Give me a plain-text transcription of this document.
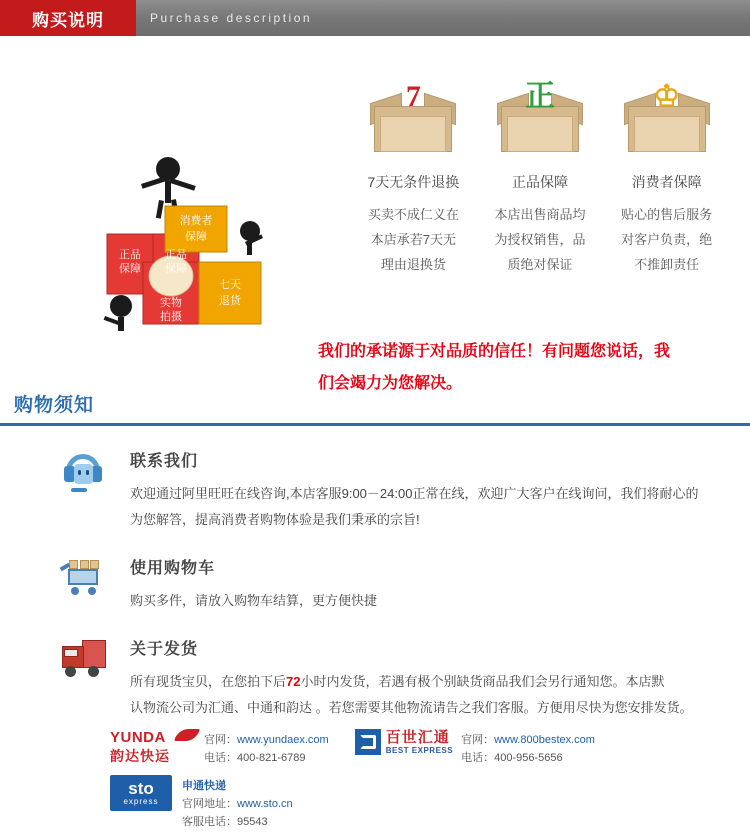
购买说明	Purchase description
正品
保障
正品
保障
消费者
保障
实物
拍摄
七天
退货
7
7天无条件退换
买卖不成仁义在
本店承若7天无
理由退换货
正
正品保障
本店出售商品均
为授权销售，品
质绝对保证
♔
消费者保障
贴心的售后服务
对客户负责，绝
不推卸责任
我们的承诺源于对品质的信任！有问题您说话，我
们会竭力为您解决。
购物须知
联系我们
欢迎通过阿里旺旺在线咨询,本店客服9:00－24:00正常在线，欢迎广大客户在线询问，我们将耐心的
为您解答，提高消费者购物体验是我们秉承的宗旨!
使用购物车
购买多件，请放入购物车结算，更方便快捷
关于发货
所有现货宝贝，在您拍下后72小时内发货，若遇有极个别缺货商品我们会另行通知您。本店默
认物流公司为汇通、中通和韵达 。若您需要其他物流请告之我们客服。方便用尽快为您安排发货。
YUNDA
韵达快运
官网：www.yundaex.com
电话：400-821-6789
百世汇通
BEST EXPRESS
官网：www.800bestex.com
电话：400-956-5656
sto
express
申通快递
官网地址：www.sto.cn
客服电话：95543
